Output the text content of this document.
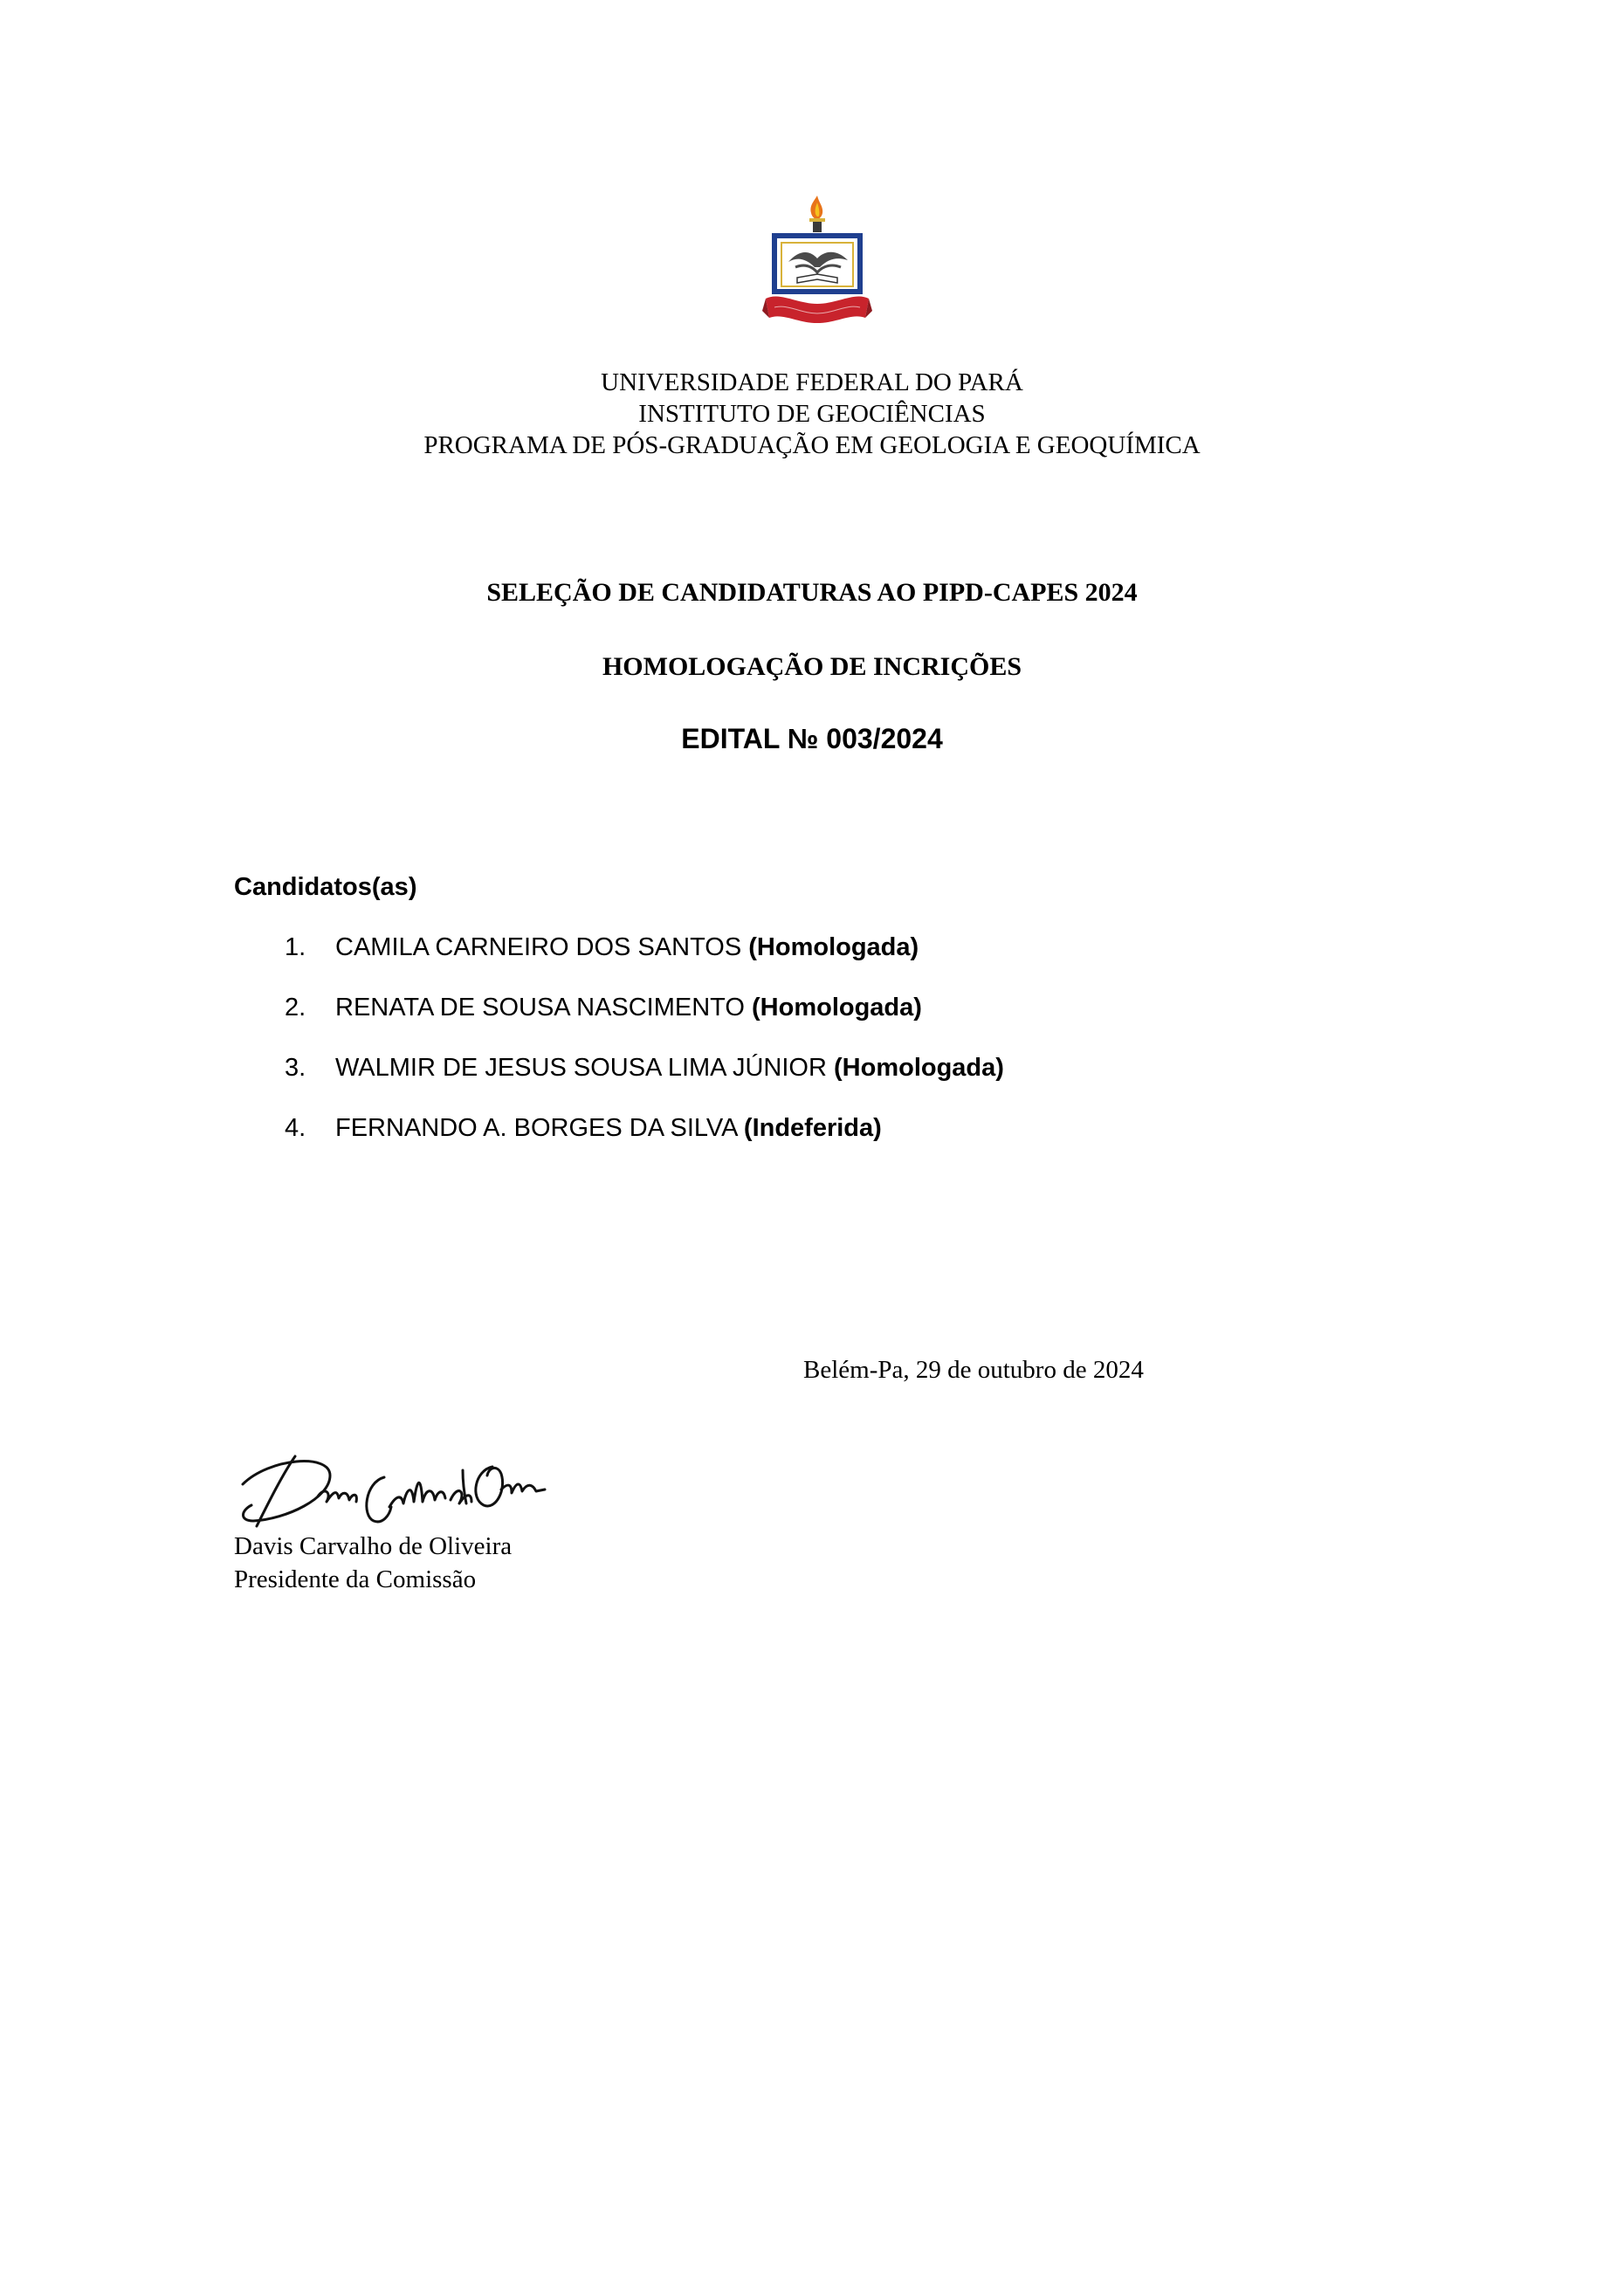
UNIVERSIDADE FEDERAL DO PARÁ
INSTITUTO DE GEOCIÊNCIAS
PROGRAMA DE PÓS-GRADUAÇÃO EM GEOLOGIA E GEOQUÍMICA
SELEÇÃO DE CANDIDATURAS AO PIPD-CAPES 2024
HOMOLOGAÇÃO DE INCRIÇÕES
EDITAL № 003/2024
Candidatos(as)
1. CAMILA CARNEIRO DOS SANTOS (Homologada)
2. RENATA DE SOUSA NASCIMENTO (Homologada)
3. WALMIR DE JESUS SOUSA LIMA JÚNIOR (Homologada)
4. FERNANDO A. BORGES DA SILVA (Indeferida)
Belém-Pa, 29 de outubro de 2024
Davis Carvalho de Oliveira
Presidente da Comissão
